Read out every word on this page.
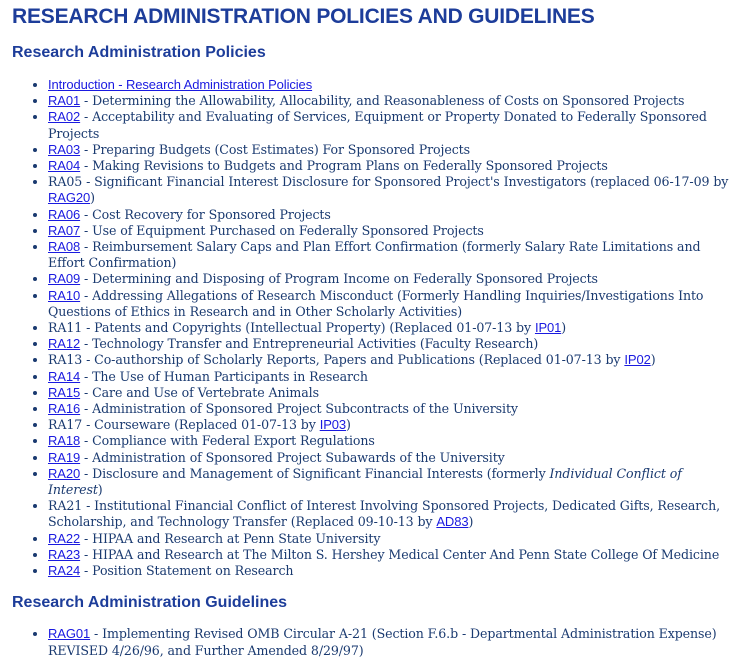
RESEARCH ADMINISTRATION POLICIES AND GUIDELINES
Research Administration Policies
• Introduction - Research Administration Policies
• RA01 - Determining the Allowability, Allocability, and Reasonableness of Costs on Sponsored Projects
• RA02 - Acceptability and Evaluating of Services, Equipment or Property Donated to Federally Sponsored Projects
• RA03 - Preparing Budgets (Cost Estimates) For Sponsored Projects
• RA04 - Making Revisions to Budgets and Program Plans on Federally Sponsored Projects
• RA05 - Significant Financial Interest Disclosure for Sponsored Project's Investigators (replaced 06-17-09 by RAG20)
• RA06 - Cost Recovery for Sponsored Projects
• RA07 - Use of Equipment Purchased on Federally Sponsored Projects
• RA08 - Reimbursement Salary Caps and Plan Effort Confirmation (formerly Salary Rate Limitations and Effort Confirmation)
• RA09 - Determining and Disposing of Program Income on Federally Sponsored Projects
• RA10 - Addressing Allegations of Research Misconduct (Formerly Handling Inquiries/Investigations Into Questions of Ethics in Research and in Other Scholarly Activities)
• RA11 - Patents and Copyrights (Intellectual Property) (Replaced 01-07-13 by IP01)
• RA12 - Technology Transfer and Entrepreneurial Activities (Faculty Research)
• RA13 - Co-authorship of Scholarly Reports, Papers and Publications (Replaced 01-07-13 by IP02)
• RA14 - The Use of Human Participants in Research
• RA15 - Care and Use of Vertebrate Animals
• RA16 - Administration of Sponsored Project Subcontracts of the University
• RA17 - Courseware (Replaced 01-07-13 by IP03)
• RA18 - Compliance with Federal Export Regulations
• RA19 - Administration of Sponsored Project Subawards of the University
• RA20 - Disclosure and Management of Significant Financial Interests (formerly Individual Conflict of Interest)
• RA21 - Institutional Financial Conflict of Interest Involving Sponsored Projects, Dedicated Gifts, Research, Scholarship, and Technology Transfer (Replaced 09-10-13 by AD83)
• RA22 - HIPAA and Research at Penn State University
• RA23 - HIPAA and Research at The Milton S. Hershey Medical Center And Penn State College Of Medicine
• RA24 - Position Statement on Research
Research Administration Guidelines
• RAG01 - Implementing Revised OMB Circular A-21 (Section F.6.b - Departmental Administration Expense) REVISED 4/26/96, and Further Amended 8/29/97)
